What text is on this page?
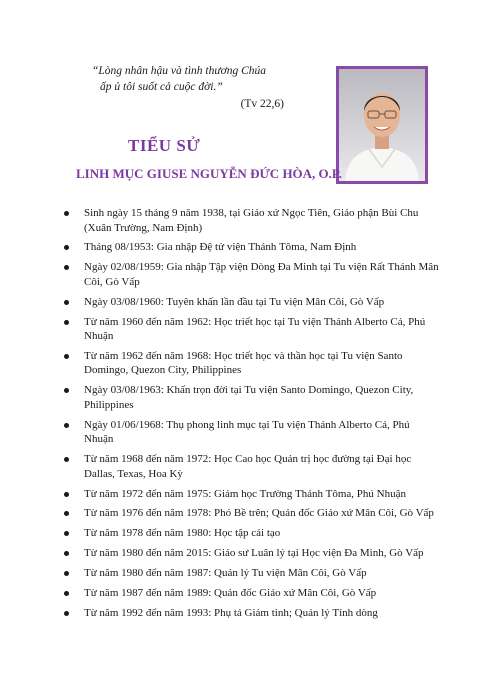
“Lòng nhân hậu và tình thương Chúa
ấp ủ tôi suốt cả cuộc đời.”
(Tv 22,6)
TIỂU SỬ
LINH MỤC GIUSE NGUYỄN ĐỨC HÒA, O.P.
Sinh ngày 15 tháng 9 năm 1938, tại Giáo xứ Ngọc Tiên, Giáo phận Bùi Chu (Xuân Trường, Nam Định)
Tháng 08/1953: Gia nhập Đệ tử viện Thánh Tôma, Nam Định
Ngày 02/08/1959: Gia nhập Tập viện Dòng Đa Minh tại Tu viện Rất Thánh Mân Côi, Gò Vấp
Ngày 03/08/1960: Tuyên khấn lần đầu tại Tu viện Mân Côi, Gò Vấp
Từ năm 1960 đến năm 1962: Học triết học tại Tu viện Thánh Alberto Cả, Phú Nhuận
Từ năm 1962 đến năm 1968: Học triết học và thần học tại Tu viện Santo Domingo, Quezon City, Philippines
Ngày 03/08/1963: Khấn trọn đời tại Tu viện Santo Domingo, Quezon City, Philippines
Ngày 01/06/1968: Thụ phong linh mục tại Tu viện Thánh Alberto Cả, Phú Nhuận
Từ năm 1968 đến năm 1972: Học Cao học Quản trị học đường tại Đại học Dallas, Texas, Hoa Kỳ
Từ năm 1972 đến năm 1975: Giám học Trường Thánh Tôma, Phú Nhuận
Từ năm 1976 đến năm 1978: Phó Bề trên; Quản đốc Giáo xứ Mân Côi, Gò Vấp
Từ năm 1978 đến năm 1980: Học tập cải tạo
Từ năm 1980 đến năm 2015: Giáo sư Luân lý tại Học viện Đa Minh, Gò Vấp
Từ năm 1980 đến năm 1987: Quản lý Tu viện Mân Côi, Gò Vấp
Từ năm 1987 đến năm 1989: Quản đốc Giáo xứ Mân Côi, Gò Vấp
Từ năm 1992 đến năm 1993: Phụ tá Giám tỉnh; Quản lý Tỉnh dòng
